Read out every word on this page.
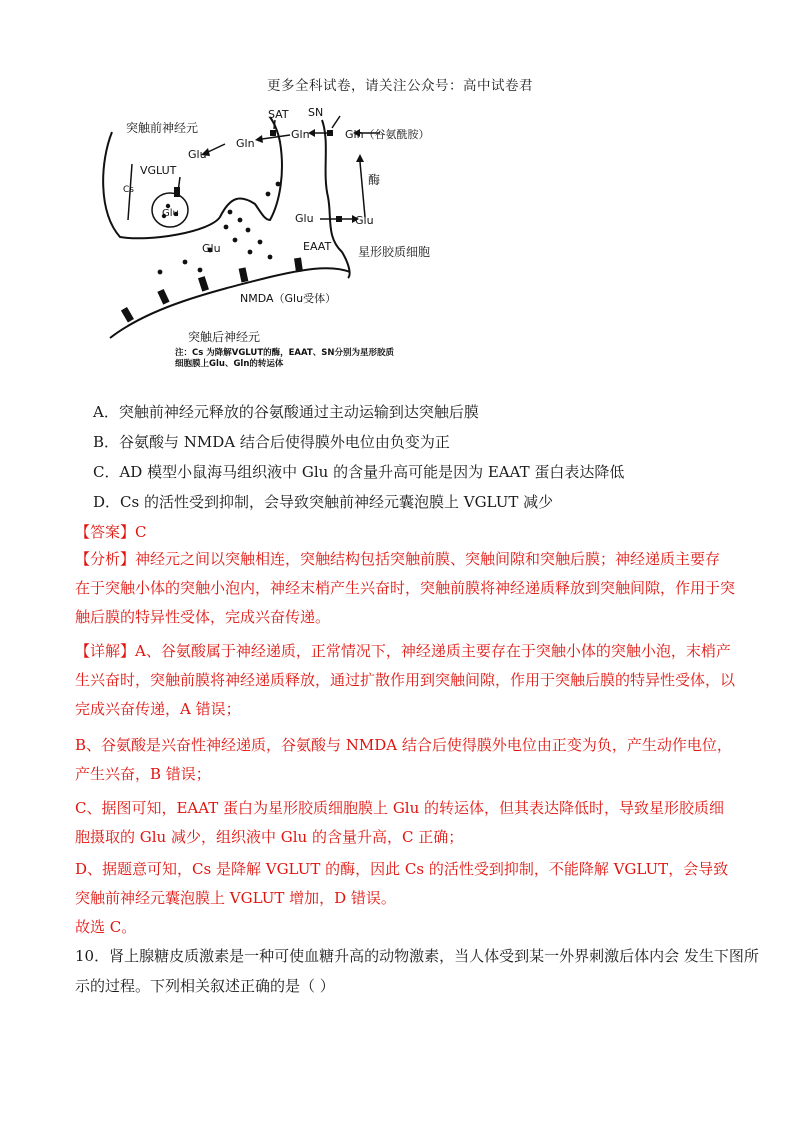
更多全科试卷，请关注公众号：高中试卷君
突触前神经元
SAT SN
Gln
Gln
Gln（谷氨酰胺）
Glu
VGLUT
Cs
Glu
酶
Glu	Glu
Glu	EAAT 星形胶质细胞
NMDA（Glu受体）
突触后神经元
注：Cs 为降解VGLUT的酶，EAAT、SN分别为星形胶质
细胞膜上Glu、Gln的转运体
A．突触前神经元释放的谷氨酸通过主动运输到达突触后膜
B．谷氨酸与 NMDA 结合后使得膜外电位由负变为正
C．AD 模型小鼠海马组织液中 Glu 的含量升高可能是因为 EAAT 蛋白表达降低
D．Cs 的活性受到抑制，会导致突触前神经元囊泡膜上 VGLUT 减少
【答案】C
【分析】神经元之间以突触相连，突触结构包括突触前膜、突触间隙和突触后膜；神经递质主要存在于突触小体的突触小泡内，神经末梢产生兴奋时，突触前膜将神经递质释放到突触间隙，作用于突触后膜的特异性受体，完成兴奋传递。
【详解】A、谷氨酸属于神经递质，正常情况下，神经递质主要存在于突触小体的突触小泡，末梢产生兴奋时，突触前膜将神经递质释放，通过扩散作用到突触间隙，作用于突触后膜的特异性受体，以完成兴奋传递，A 错误；
B、谷氨酸是兴奋性神经递质，谷氨酸与 NMDA 结合后使得膜外电位由正变为负，产生动作电位，产生兴奋，B 错误；
C、据图可知，EAAT 蛋白为星形胶质细胞膜上 Glu 的转运体，但其表达降低时，导致星形胶质细胞摄取的 Glu 减少，组织液中 Glu 的含量升高，C 正确；
D、据题意可知，Cs 是降解 VGLUT 的酶，因此 Cs 的活性受到抑制，不能降解 VGLUT，会导致突触前神经元囊泡膜上 VGLUT 增加，D 错误。
故选 C。
10．肾上腺糖皮质激素是一种可使血糖升高的动物激素，当人体受到某一外界刺激后体内会 发生下图所
示的过程。下列相关叙述正确的是（ ）
